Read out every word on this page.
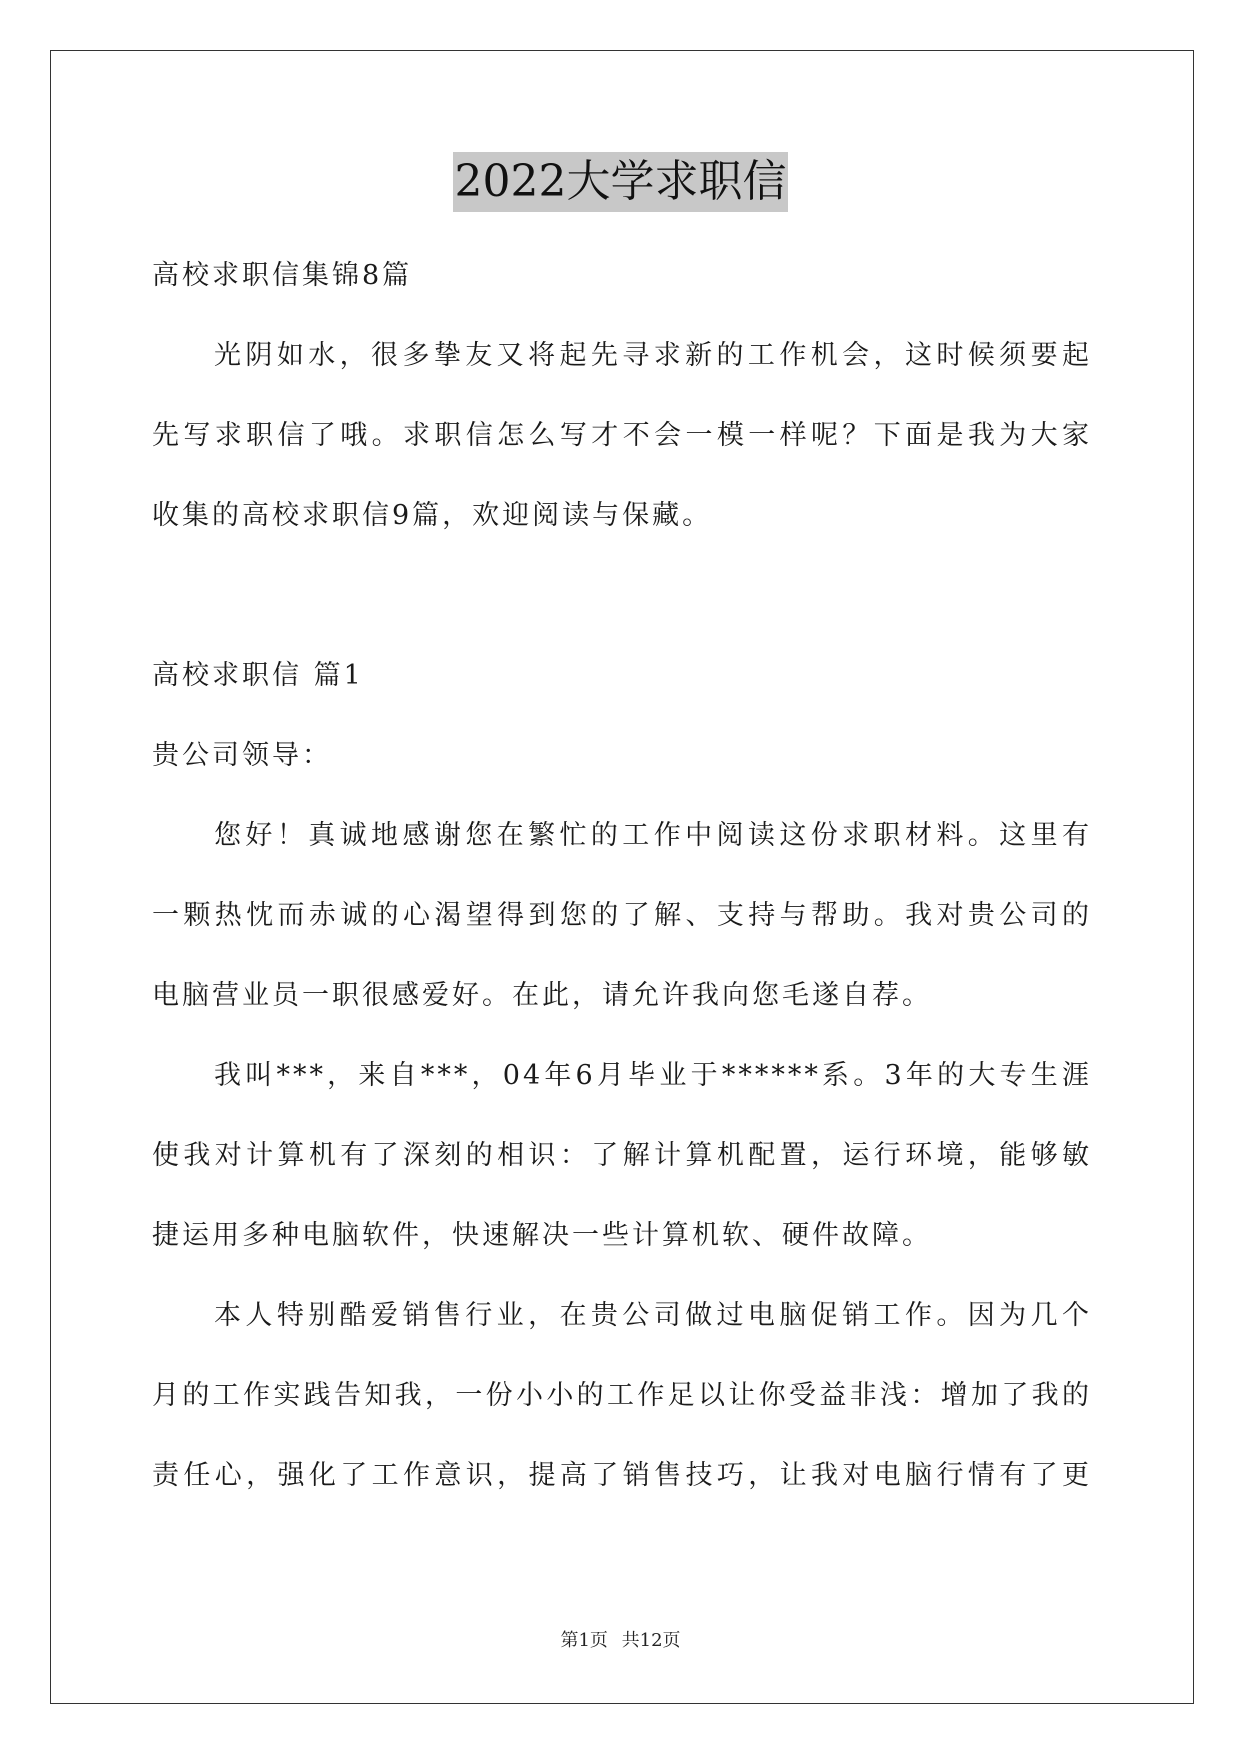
2022大学求职信
高校求职信集锦8篇
光阴如水，很多挚友又将起先寻求新的工作机会，这时候须要起
先写求职信了哦。求职信怎么写才不会一模一样呢？下面是我为大家
收集的高校求职信9篇，欢迎阅读与保藏。
高校求职信 篇1
贵公司领导：
您好！真诚地感谢您在繁忙的工作中阅读这份求职材料。这里有
一颗热忱而赤诚的心渴望得到您的了解、支持与帮助。我对贵公司的
电脑营业员一职很感爱好。在此，请允许我向您毛遂自荐。
我叫***，来自***，04年6月毕业于******系。3年的大专生涯
使我对计算机有了深刻的相识：了解计算机配置，运行环境，能够敏
捷运用多种电脑软件，快速解决一些计算机软、硬件故障。
本人特别酷爱销售行业，在贵公司做过电脑促销工作。因为几个
月的工作实践告知我，一份小小的工作足以让你受益非浅：增加了我的
责任心，强化了工作意识，提高了销售技巧，让我对电脑行情有了更
第1页 共12页
